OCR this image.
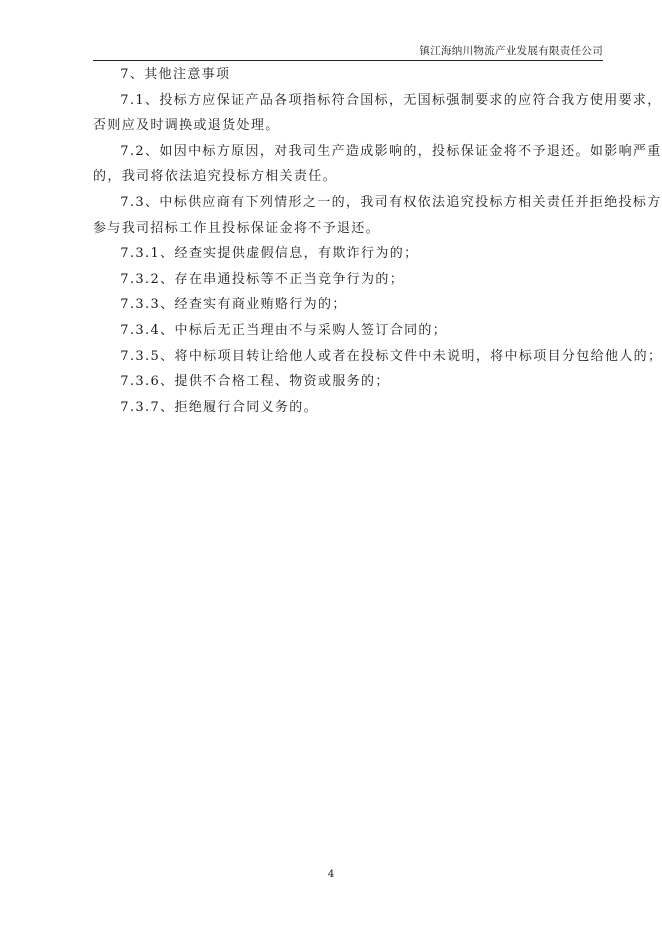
镇江海纳川物流产业发展有限责任公司

7、其他注意事项

7.1、投标方应保证产品各项指标符合国标，无国标强制要求的应符合我方使用要求，
否则应及时调换或退货处理。

7.2、如因中标方原因，对我司生产造成影响的，投标保证金将不予退还。如影响严重
的，我司将依法追究投标方相关责任。

7.3、中标供应商有下列情形之一的，我司有权依法追究投标方相关责任并拒绝投标方
参与我司招标工作且投标保证金将不予退还。

7.3.1、经查实提供虚假信息，有欺诈行为的；

7.3.2、存在串通投标等不正当竞争行为的；

7.3.3、经查实有商业贿赂行为的；

7.3.4、中标后无正当理由不与采购人签订合同的；

7.3.5、将中标项目转让给他人或者在投标文件中未说明，将中标项目分包给他人的；

7.3.6、提供不合格工程、物资或服务的；

7.3.7、拒绝履行合同义务的。

4
